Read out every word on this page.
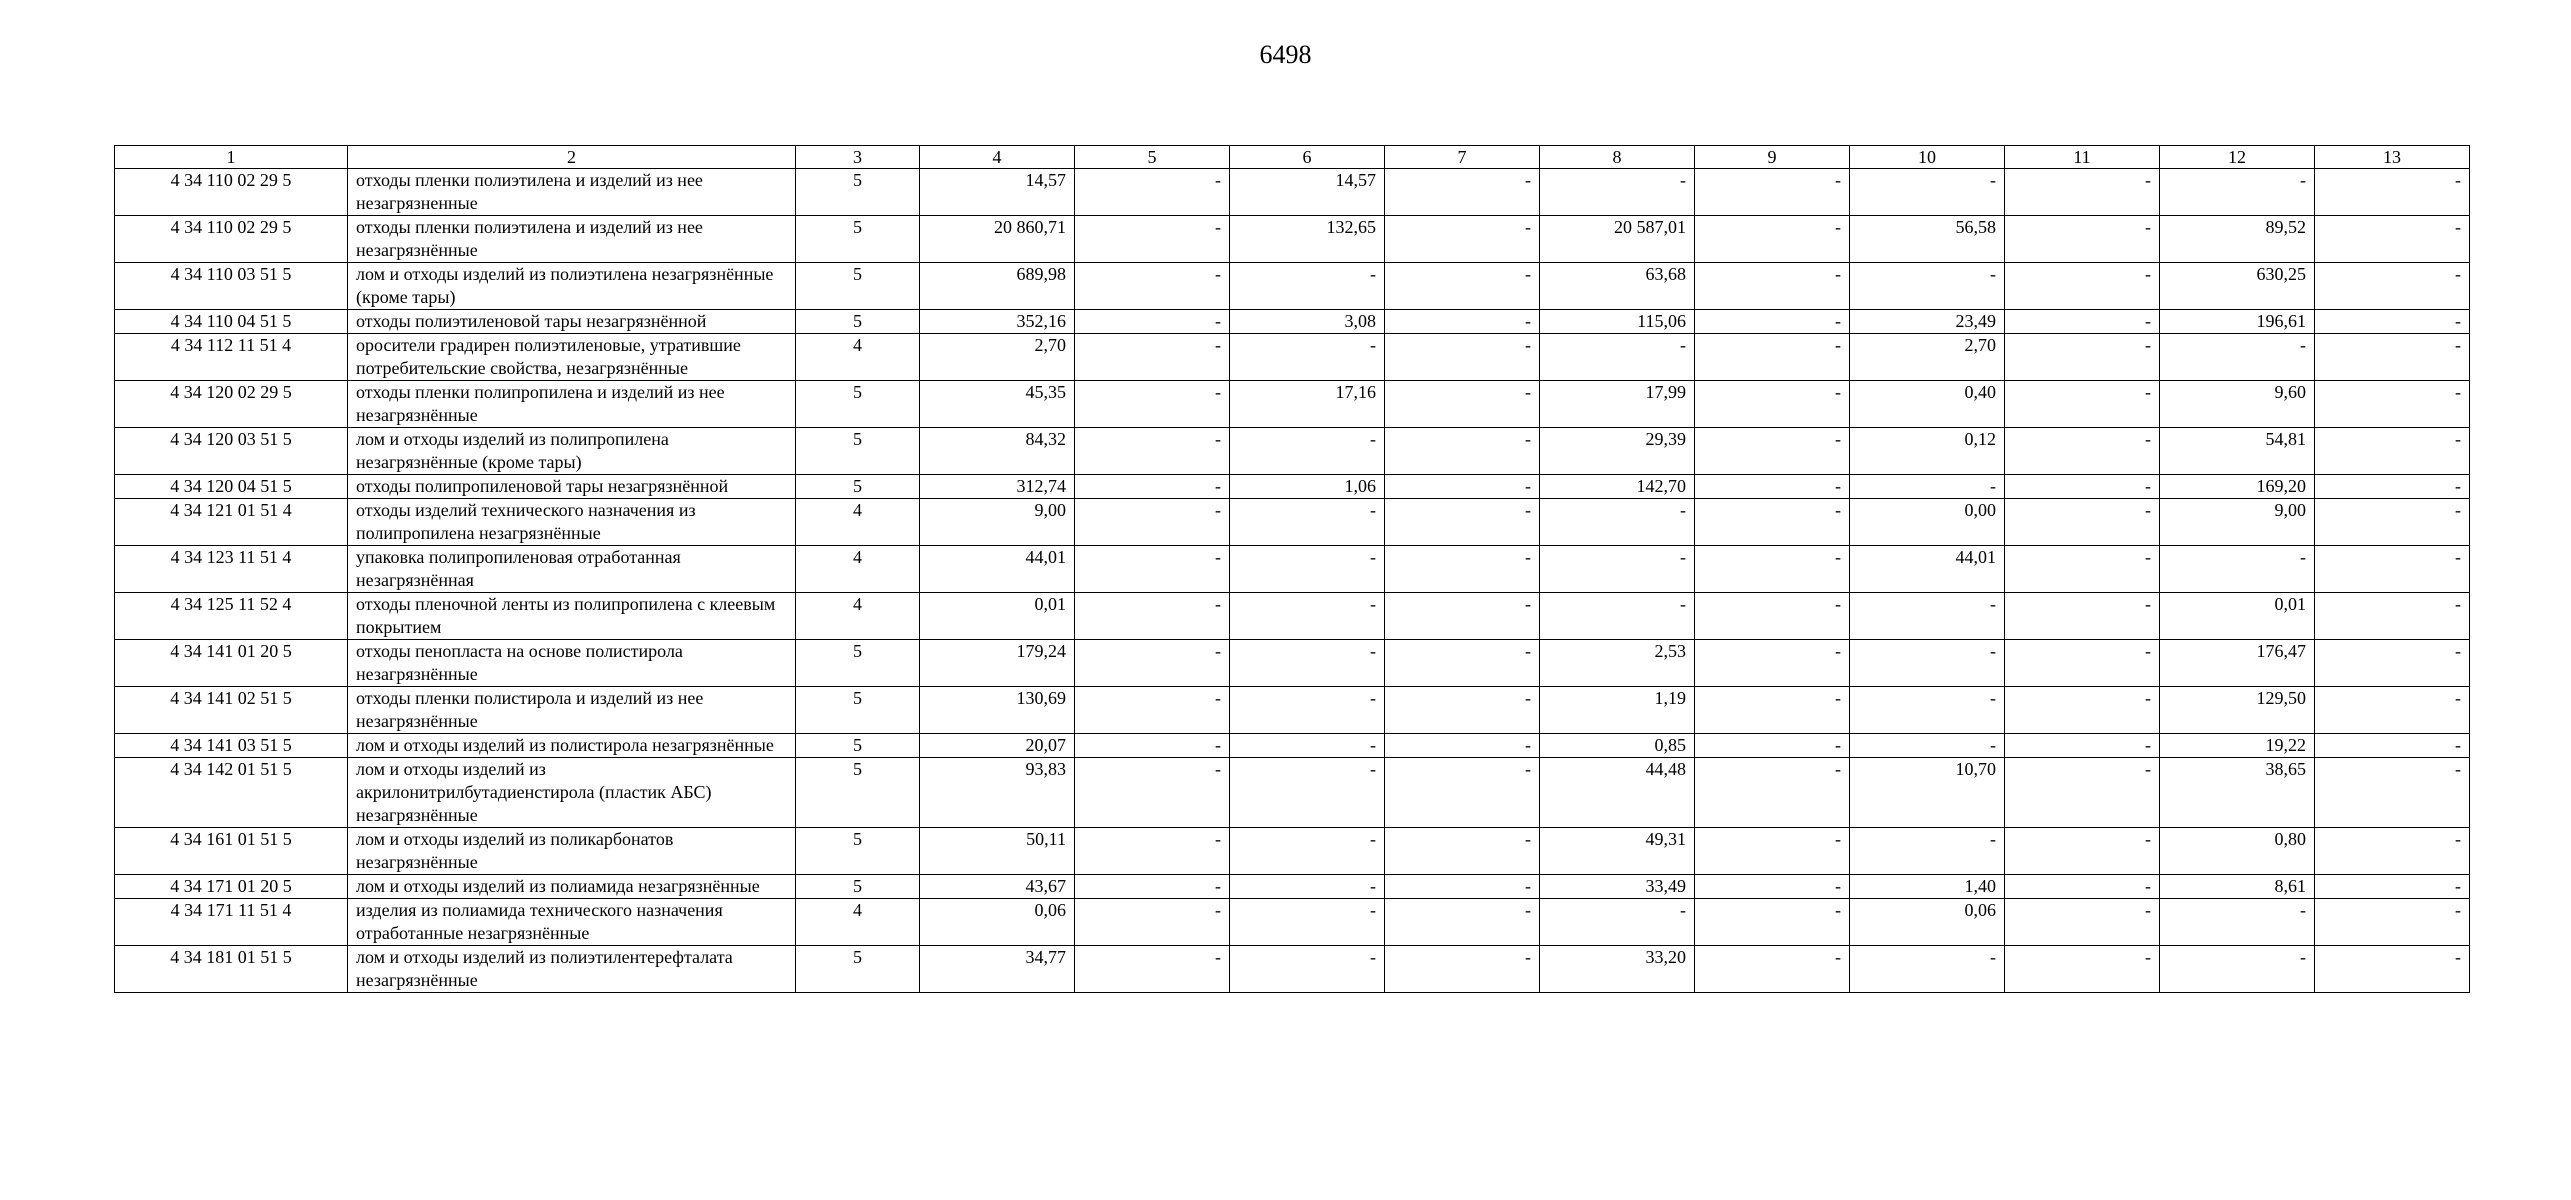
6498
1	2	3	4	5	6	7	8	9	10	11	12	13
4 34 110 02 29 5	отходы пленки полиэтилена и изделий из нее незагрязненные	5	14,57	-	14,57	-	-	-	-	-	-	-
4 34 110 02 29 5	отходы пленки полиэтилена и изделий из нее незагрязнённые	5	20 860,71	-	132,65	-	20 587,01	-	56,58	-	89,52	-
4 34 110 03 51 5	лом и отходы изделий из полиэтилена незагрязнённые (кроме тары)	5	689,98	-	-	-	63,68	-	-	-	630,25	-
4 34 110 04 51 5	отходы полиэтиленовой тары незагрязнённой	5	352,16	-	3,08	-	115,06	-	23,49	-	196,61	-
4 34 112 11 51 4	оросители градирен полиэтиленовые, утратившие потребительские свойства, незагрязнённые	4	2,70	-	-	-	-	-	2,70	-	-	-
4 34 120 02 29 5	отходы пленки полипропилена и изделий из нее незагрязнённые	5	45,35	-	17,16	-	17,99	-	0,40	-	9,60	-
4 34 120 03 51 5	лом и отходы изделий из полипропилена незагрязнённые (кроме тары)	5	84,32	-	-	-	29,39	-	0,12	-	54,81	-
4 34 120 04 51 5	отходы полипропиленовой тары незагрязнённой	5	312,74	-	1,06	-	142,70	-	-	-	169,20	-
4 34 121 01 51 4	отходы изделий технического назначения из полипропилена незагрязнённые	4	9,00	-	-	-	-	-	0,00	-	9,00	-
4 34 123 11 51 4	упаковка полипропиленовая отработанная незагрязнённая	4	44,01	-	-	-	-	-	44,01	-	-	-
4 34 125 11 52 4	отходы пленочной ленты из полипропилена с клеевым покрытием	4	0,01	-	-	-	-	-	-	-	0,01	-
4 34 141 01 20 5	отходы пенопласта на основе полистирола незагрязнённые	5	179,24	-	-	-	2,53	-	-	-	176,47	-
4 34 141 02 51 5	отходы пленки полистирола и изделий из нее незагрязнённые	5	130,69	-	-	-	1,19	-	-	-	129,50	-
4 34 141 03 51 5	лом и отходы изделий из полистирола незагрязнённые	5	20,07	-	-	-	0,85	-	-	-	19,22	-
4 34 142 01 51 5	лом и отходы изделий из акрилонитрилбутадиенстирола (пластик АБС) незагрязнённые	5	93,83	-	-	-	44,48	-	10,70	-	38,65	-
4 34 161 01 51 5	лом и отходы изделий из поликарбонатов незагрязнённые	5	50,11	-	-	-	49,31	-	-	-	0,80	-
4 34 171 01 20 5	лом и отходы изделий из полиамида незагрязнённые	5	43,67	-	-	-	33,49	-	1,40	-	8,61	-
4 34 171 11 51 4	изделия из полиамида технического назначения отработанные незагрязнённые	4	0,06	-	-	-	-	-	0,06	-	-	-
4 34 181 01 51 5	лом и отходы изделий из полиэтилентерефталата незагрязнённые	5	34,77	-	-	-	33,20	-	-	-	-	-
